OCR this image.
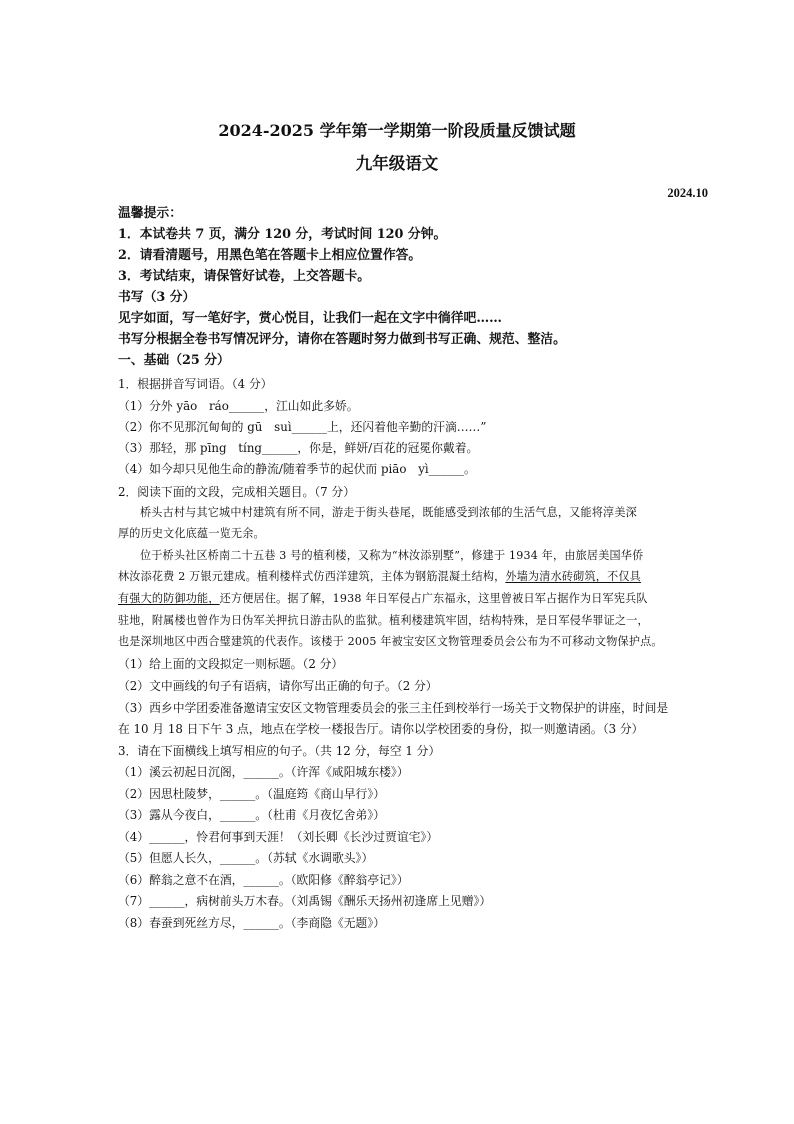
2024-2025 学年第一学期第一阶段质量反馈试题
九年级语文
2024.10
温馨提示：
1．本试卷共 7 页，满分 120 分，考试时间 120 分钟。
2．请看清题号，用黑色笔在答题卡上相应位置作答。
3．考试结束，请保管好试卷，上交答题卡。
书写（3 分）
见字如面，写一笔好字，赏心悦目，让我们一起在文字中徜徉吧……
书写分根据全卷书写情况评分，请你在答题时努力做到书写正确、规范、整洁。
一、基础（25 分）
1．根据拼音写词语。（4 分）
（1）分外 yāo　ráo______，江山如此多娇。
（2）你不见那沉甸甸的 gū　suì______上，还闪着他辛勤的汗滴……”
（3）那轻，那 pīng　tíng______，你是，鲜妍/百花的冠冕你戴着。
（4）如今却只见他生命的静流/随着季节的起伏而 piāo　yì______。
2．阅读下面的文段，完成相关题目。（7 分）
桥头古村与其它城中村建筑有所不同，游走于街头巷尾，既能感受到浓郁的生活气息，又能将淳美深
厚的历史文化底蕴一览无余。
位于桥头社区桥南二十五巷 3 号的植利楼，又称为“林汝添别墅”，修建于 1934 年，由旅居美国华侨
林汝添花费 2 万银元建成。植利楼样式仿西洋建筑，主体为钢筋混凝土结构，外墙为清水砖砌筑，不仅具
有强大的防御功能，还方便居住。据了解，1938 年日军侵占广东福永，这里曾被日军占据作为日军宪兵队
驻地，附属楼也曾作为日伪军关押抗日游击队的监狱。植利楼建筑牢固，结构特殊，是日军侵华罪证之一，
也是深圳地区中西合璧建筑的代表作。该楼于 2005 年被宝安区文物管理委员会公布为不可移动文物保护点。
（1）给上面的文段拟定一则标题。（2 分）
（2）文中画线的句子有语病，请你写出正确的句子。（2 分）
（3）西乡中学团委准备邀请宝安区文物管理委员会的张三主任到校举行一场关于文物保护的讲座，时间是
在 10 月 18 日下午 3 点，地点在学校一楼报告厅。请你以学校团委的身份，拟一则邀请函。（3 分）
3．请在下面横线上填写相应的句子。（共 12 分，每空 1 分）
（1）溪云初起日沉阁，______。（许浑《咸阳城东楼》）
（2）因思杜陵梦，______。（温庭筠《商山早行》）
（3）露从今夜白，______。（杜甫《月夜忆舍弟》）
（4）______，怜君何事到天涯！（刘长卿《长沙过贾谊宅》）
（5）但愿人长久，______。（苏轼《水调歌头》）
（6）醉翁之意不在酒，______。（欧阳修《醉翁亭记》）
（7）______，病树前头万木春。（刘禹锡《酬乐天扬州初逢席上见赠》）
（8）春蚕到死丝方尽，______。（李商隐《无题》）
